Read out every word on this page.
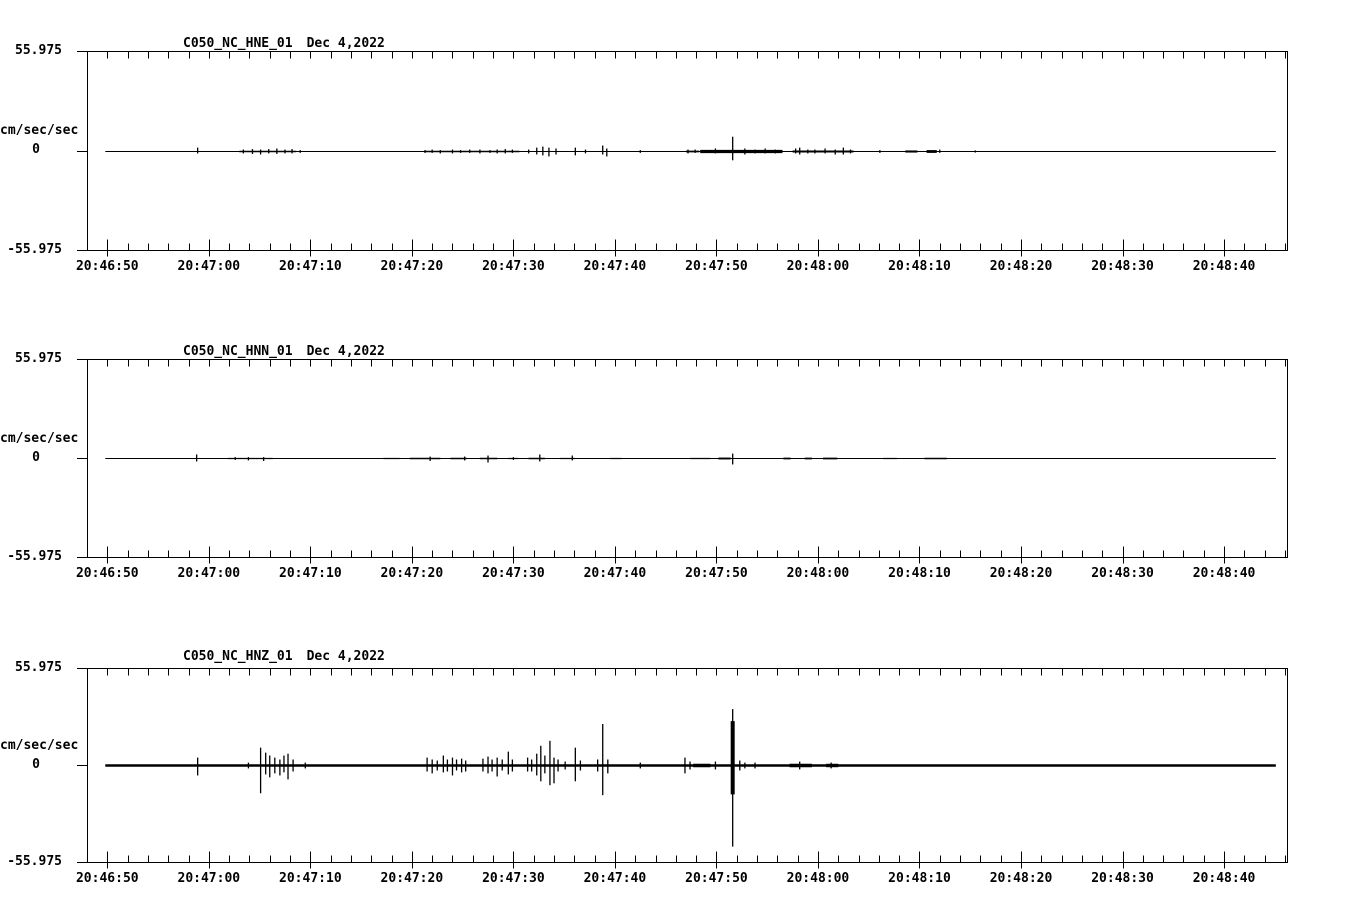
C050_NC_HNE_01 Dec 4,2022
55.975
cm/sec/sec
0
-55.975
C050_NC_HNN_01 Dec 4,2022
55.975
cm/sec/sec
0
-55.975
C050_NC_HNZ_01 Dec 4,2022
55.975
cm/sec/sec
0
-55.975
20:46:50	20:47:00	20:47:10	20:47:20	20:47:30	20:47:40	20:47:50	20:48:00	20:48:10	20:48:20	20:48:30	20:48:40
20:46:50	20:47:00	20:47:10	20:47:20	20:47:30	20:47:40	20:47:50	20:48:00	20:48:10	20:48:20	20:48:30	20:48:40
20:46:50	20:47:00	20:47:10	20:47:20	20:47:30	20:47:40	20:47:50	20:48:00	20:48:10	20:48:20	20:48:30	20:48:40
